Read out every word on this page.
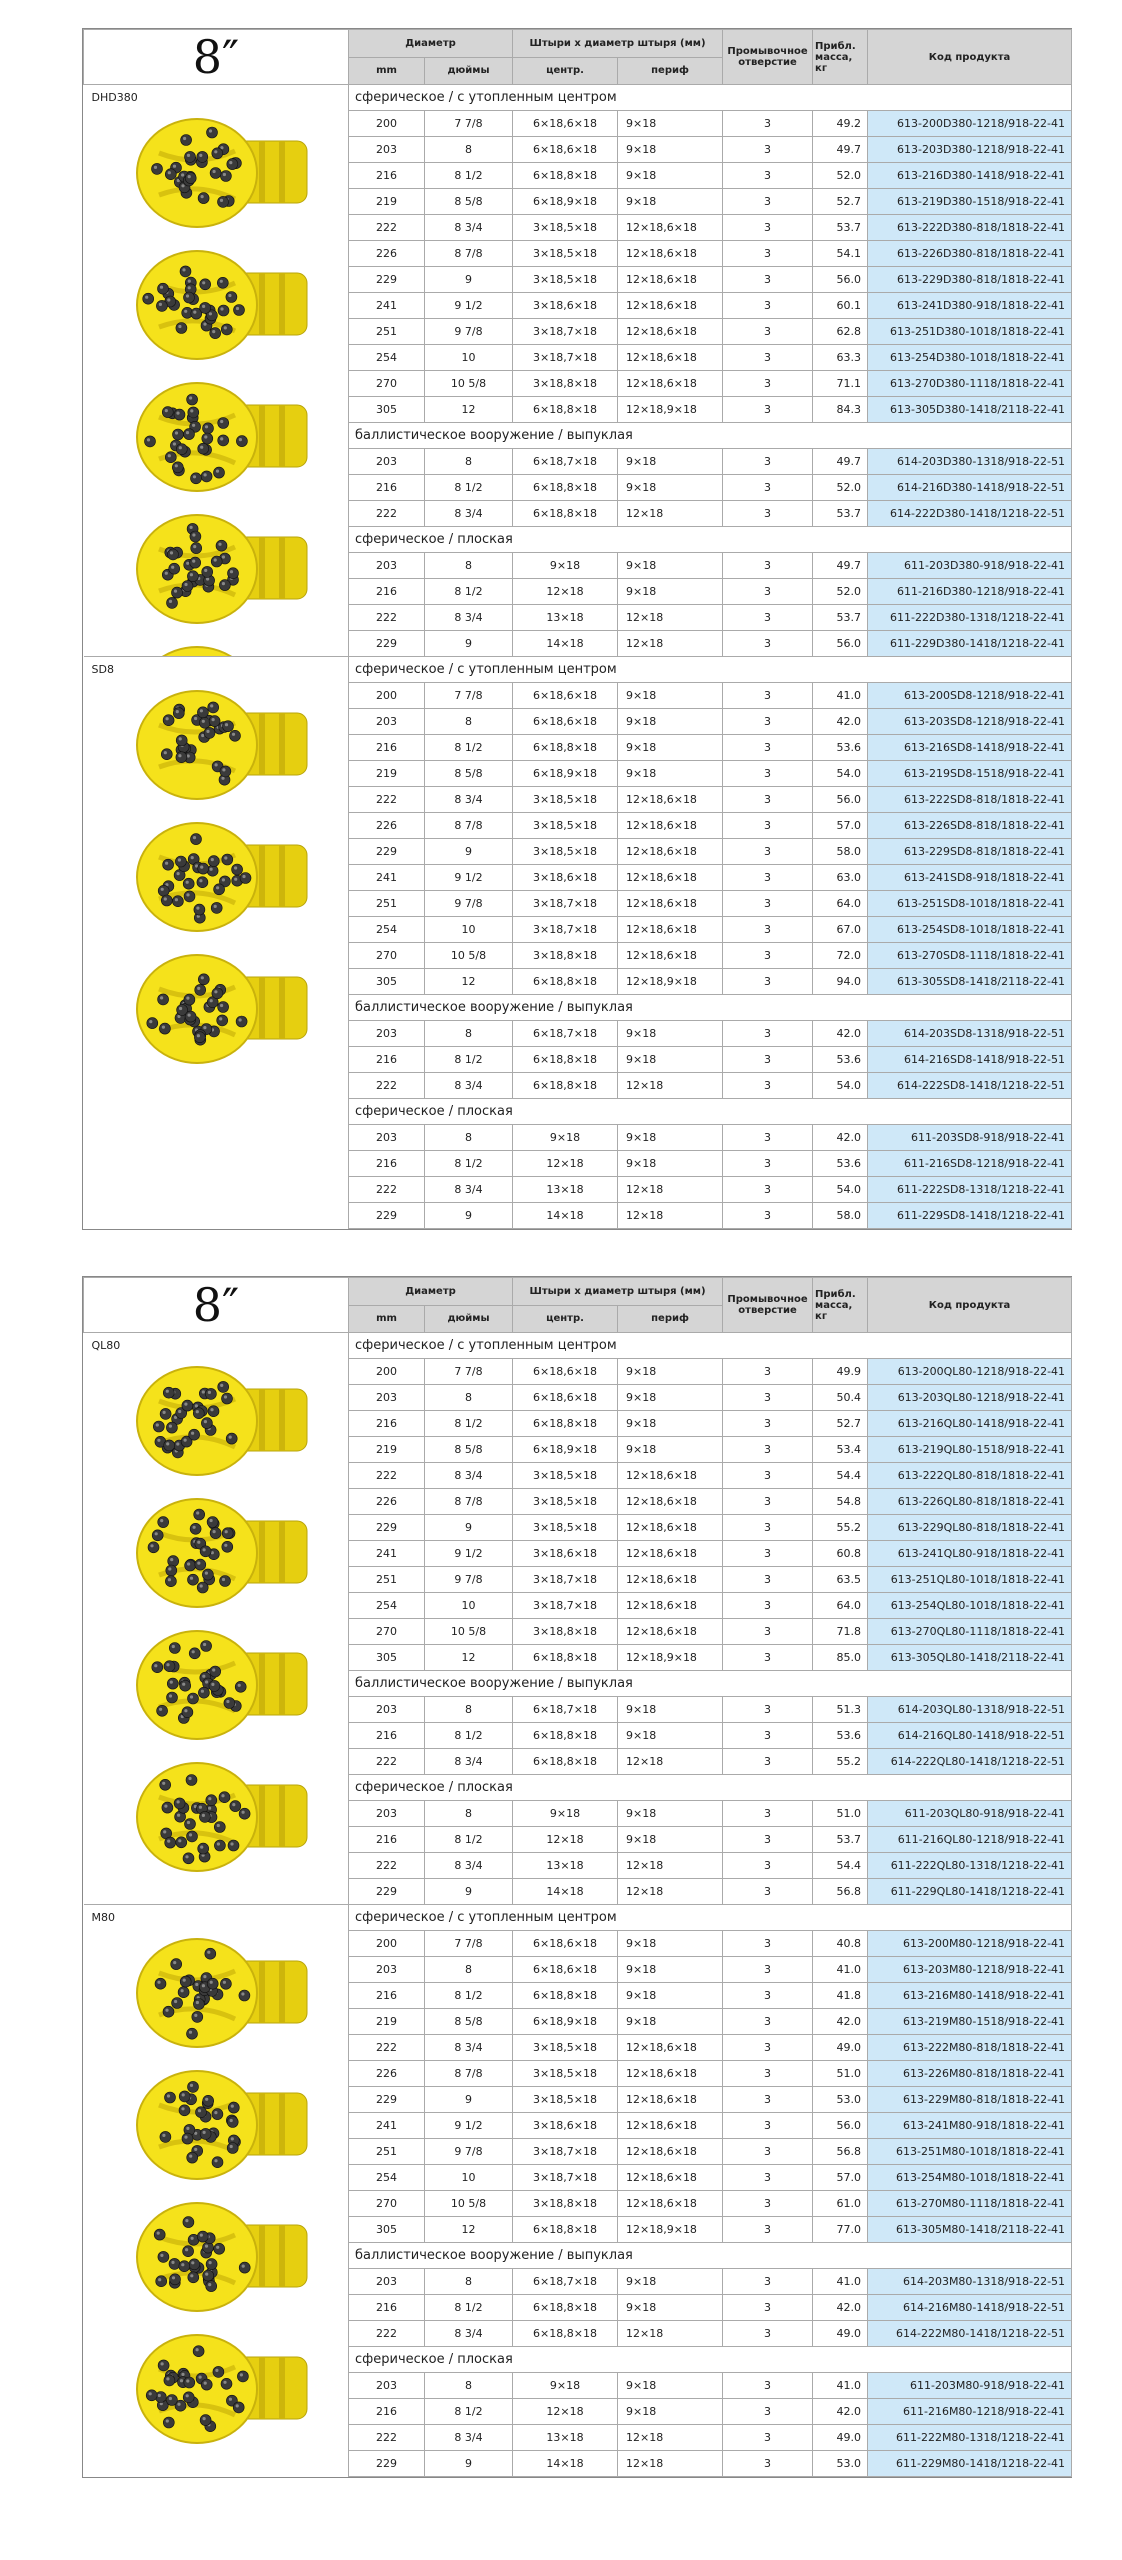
8″	Диаметр		Штыри x диаметр штыря (мм)		Промывочное отверстие	Прибл. масса, кг	Код продукта
	mm	дюймы	центр.	периф			

DHD380	сферическое / с утопленным центром						
	200	7 7/8	6×18,6×18	9×18	3	49.2	613-200D380-1218/918-22-41
	203	8	6×18,6×18	9×18	3	49.7	613-203D380-1218/918-22-41
	216	8 1/2	6×18,8×18	9×18	3	52.0	613-216D380-1418/918-22-41
	219	8 5/8	6×18,9×18	9×18	3	52.7	613-219D380-1518/918-22-41
	222	8 3/4	3×18,5×18	12×18,6×18	3	53.7	613-222D380-818/1818-22-41
	226	8 7/8	3×18,5×18	12×18,6×18	3	54.1	613-226D380-818/1818-22-41
	229	9	3×18,5×18	12×18,6×18	3	56.0	613-229D380-818/1818-22-41
	241	9 1/2	3×18,6×18	12×18,6×18	3	60.1	613-241D380-918/1818-22-41
	251	9 7/8	3×18,7×18	12×18,6×18	3	62.8	613-251D380-1018/1818-22-41
	254	10	3×18,7×18	12×18,6×18	3	63.3	613-254D380-1018/1818-22-41
	270	10 5/8	3×18,8×18	12×18,6×18	3	71.1	613-270D380-1118/1818-22-41
	305	12	6×18,8×18	12×18,9×18	3	84.3	613-305D380-1418/2118-22-41
	баллистическое вооружение / выпуклая						
	203	8	6×18,7×18	9×18	3	49.7	614-203D380-1318/918-22-51
	216	8 1/2	6×18,8×18	9×18	3	52.0	614-216D380-1418/918-22-51
	222	8 3/4	6×18,8×18	12×18	3	53.7	614-222D380-1418/1218-22-51
	сферическое / плоская						
	203	8	9×18	9×18	3	49.7	611-203D380-918/918-22-41
	216	8 1/2	12×18	9×18	3	52.0	611-216D380-1218/918-22-41
	222	8 3/4	13×18	12×18	3	53.7	611-222D380-1318/1218-22-41
	229	9	14×18	12×18	3	56.0	611-229D380-1418/1218-22-41

SD8	сферическое / с утопленным центром						
	200	7 7/8	6×18,6×18	9×18	3	41.0	613-200SD8-1218/918-22-41
	203	8	6×18,6×18	9×18	3	42.0	613-203SD8-1218/918-22-41
	216	8 1/2	6×18,8×18	9×18	3	53.6	613-216SD8-1418/918-22-41
	219	8 5/8	6×18,9×18	9×18	3	54.0	613-219SD8-1518/918-22-41
	222	8 3/4	3×18,5×18	12×18,6×18	3	56.0	613-222SD8-818/1818-22-41
	226	8 7/8	3×18,5×18	12×18,6×18	3	57.0	613-226SD8-818/1818-22-41
	229	9	3×18,5×18	12×18,6×18	3	58.0	613-229SD8-818/1818-22-41
	241	9 1/2	3×18,6×18	12×18,6×18	3	63.0	613-241SD8-918/1818-22-41
	251	9 7/8	3×18,7×18	12×18,6×18	3	64.0	613-251SD8-1018/1818-22-41
	254	10	3×18,7×18	12×18,6×18	3	67.0	613-254SD8-1018/1818-22-41
	270	10 5/8	3×18,8×18	12×18,6×18	3	72.0	613-270SD8-1118/1818-22-41
	305	12	6×18,8×18	12×18,9×18	3	94.0	613-305SD8-1418/2118-22-41
	баллистическое вооружение / выпуклая						
	203	8	6×18,7×18	9×18	3	42.0	614-203SD8-1318/918-22-51
	216	8 1/2	6×18,8×18	9×18	3	53.6	614-216SD8-1418/918-22-51
	222	8 3/4	6×18,8×18	12×18	3	54.0	614-222SD8-1418/1218-22-51
	сферическое / плоская						
	203	8	9×18	9×18	3	42.0	611-203SD8-918/918-22-41
	216	8 1/2	12×18	9×18	3	53.6	611-216SD8-1218/918-22-41
	222	8 3/4	13×18	12×18	3	54.0	611-222SD8-1318/1218-22-41
	229	9	14×18	12×18	3	58.0	611-229SD8-1418/1218-22-41
8″	Диаметр		Штыри x диаметр штыря (мм)		Промывочное отверстие	Прибл. масса, кг	Код продукта
	mm	дюймы	центр.	периф			

QL80	сферическое / с утопленным центром						
	200	7 7/8	6×18,6×18	9×18	3	49.9	613-200QL80-1218/918-22-41
	203	8	6×18,6×18	9×18	3	50.4	613-203QL80-1218/918-22-41
	216	8 1/2	6×18,8×18	9×18	3	52.7	613-216QL80-1418/918-22-41
	219	8 5/8	6×18,9×18	9×18	3	53.4	613-219QL80-1518/918-22-41
	222	8 3/4	3×18,5×18	12×18,6×18	3	54.4	613-222QL80-818/1818-22-41
	226	8 7/8	3×18,5×18	12×18,6×18	3	54.8	613-226QL80-818/1818-22-41
	229	9	3×18,5×18	12×18,6×18	3	55.2	613-229QL80-818/1818-22-41
	241	9 1/2	3×18,6×18	12×18,6×18	3	60.8	613-241QL80-918/1818-22-41
	251	9 7/8	3×18,7×18	12×18,6×18	3	63.5	613-251QL80-1018/1818-22-41
	254	10	3×18,7×18	12×18,6×18	3	64.0	613-254QL80-1018/1818-22-41
	270	10 5/8	3×18,8×18	12×18,6×18	3	71.8	613-270QL80-1118/1818-22-41
	305	12	6×18,8×18	12×18,9×18	3	85.0	613-305QL80-1418/2118-22-41
	баллистическое вооружение / выпуклая						
	203	8	6×18,7×18	9×18	3	51.3	614-203QL80-1318/918-22-51
	216	8 1/2	6×18,8×18	9×18	3	53.6	614-216QL80-1418/918-22-51
	222	8 3/4	6×18,8×18	12×18	3	55.2	614-222QL80-1418/1218-22-51
	сферическое / плоская						
	203	8	9×18	9×18	3	51.0	611-203QL80-918/918-22-41
	216	8 1/2	12×18	9×18	3	53.7	611-216QL80-1218/918-22-41
	222	8 3/4	13×18	12×18	3	54.4	611-222QL80-1318/1218-22-41
	229	9	14×18	12×18	3	56.8	611-229QL80-1418/1218-22-41

M80	сферическое / с утопленным центром						
	200	7 7/8	6×18,6×18	9×18	3	40.8	613-200M80-1218/918-22-41
	203	8	6×18,6×18	9×18	3	41.0	613-203M80-1218/918-22-41
	216	8 1/2	6×18,8×18	9×18	3	41.8	613-216M80-1418/918-22-41
	219	8 5/8	6×18,9×18	9×18	3	42.0	613-219M80-1518/918-22-41
	222	8 3/4	3×18,5×18	12×18,6×18	3	49.0	613-222M80-818/1818-22-41
	226	8 7/8	3×18,5×18	12×18,6×18	3	51.0	613-226M80-818/1818-22-41
	229	9	3×18,5×18	12×18,6×18	3	53.0	613-229M80-818/1818-22-41
	241	9 1/2	3×18,6×18	12×18,6×18	3	56.0	613-241M80-918/1818-22-41
	251	9 7/8	3×18,7×18	12×18,6×18	3	56.8	613-251M80-1018/1818-22-41
	254	10	3×18,7×18	12×18,6×18	3	57.0	613-254M80-1018/1818-22-41
	270	10 5/8	3×18,8×18	12×18,6×18	3	61.0	613-270M80-1118/1818-22-41
	305	12	6×18,8×18	12×18,9×18	3	77.0	613-305M80-1418/2118-22-41
	баллистическое вооружение / выпуклая						
	203	8	6×18,7×18	9×18	3	41.0	614-203M80-1318/918-22-51
	216	8 1/2	6×18,8×18	9×18	3	42.0	614-216M80-1418/918-22-51
	222	8 3/4	6×18,8×18	12×18	3	49.0	614-222M80-1418/1218-22-51
	сферическое / плоская						
	203	8	9×18	9×18	3	41.0	611-203M80-918/918-22-41
	216	8 1/2	12×18	9×18	3	42.0	611-216M80-1218/918-22-41
	222	8 3/4	13×18	12×18	3	49.0	611-222M80-1318/1218-22-41
	229	9	14×18	12×18	3	53.0	611-229M80-1418/1218-22-41
